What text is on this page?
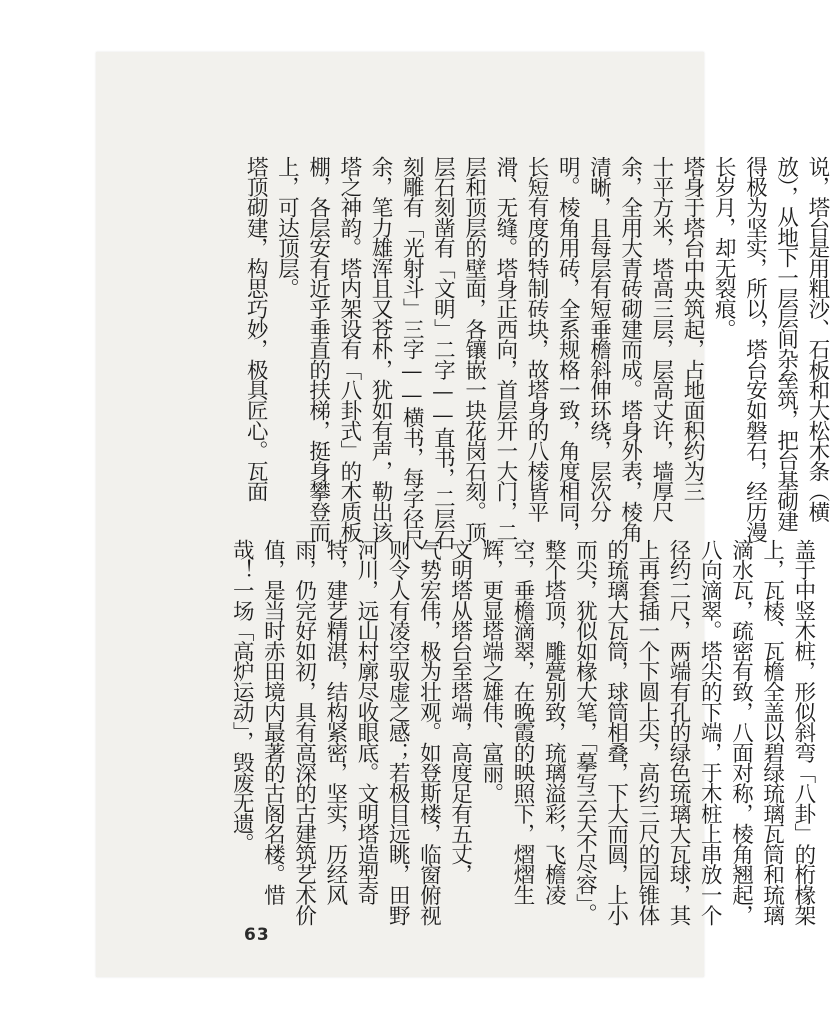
说，塔台是用粗沙、石板和大松木条（横
放），从地下一层层间杂垒筑，把台基砌建
得极为坚实，所以，塔台安如磐石，经历漫
长岁月，却无裂痕。
塔身于塔台中央筑起，占地面积约为三
十平方米，塔高三层，层高丈许，墙厚尺
余，全用大青砖砌建而成。塔身外表，棱角
清晰，且每层有短垂檐斜伸环绕，层次分
明。棱角用砖，全系规格一致，角度相同，
长短有度的特制砖块，故塔身的八棱皆平
滑、无缝。塔身正西向，首层开一大门，二
层和顶层的壁面，各镶嵌一块花岗石刻。顶
层石刻凿有「文明」二字——直书，二层石
刻雕有「光射斗」三字——横书，每字径尺
余，笔力雄浑且又苍朴，犹如有声，勒出该
塔之神韵。塔内架设有「八卦式」的木质板
棚，各层安有近乎垂直的扶梯，挺身攀登而
上，可达顶层。
塔顶砌建，构思巧妙，极具匠心。瓦面
盖于中竖木桩，形似斜弯「八卦」的桁椽架
上，瓦棱、瓦檐全盖以碧绿琉璃瓦筒和琉璃
滴水瓦，疏密有致，八面对称，棱角翘起，
八向滴翠。塔尖的下端，于木桩上串放一个
径约二尺，两端有孔的绿色琉璃大瓦球，其
上再套插一个下圆上尖，高约三尺的园锥体
的琉璃大瓦筒，球筒相叠，下大而圆，上小
而尖，犹似如椽大笔，「摹写云天不尽容」。
整个塔顶，雕甍别致，琉璃溢彩，飞檐凌
空，垂檐滴翠，在晚霞的映照下，熠熠生
辉，更显塔端之雄伟、富丽。
文明塔从塔台至塔端，高度足有五丈，
气势宏伟，极为壮观。如登斯楼，临窗俯视
则令人有凌空驭虚之感；若极目远眺，田野
河川，远山村廓尽收眼底。文明塔造型奇
特，建艺精湛，结构紧密，坚实，历经风
雨，仍完好如初，具有高深的古建筑艺术价
值，是当时赤田境内最著的古阁名楼。惜
哉！一场「高炉运动」，毁废无遗。
63
